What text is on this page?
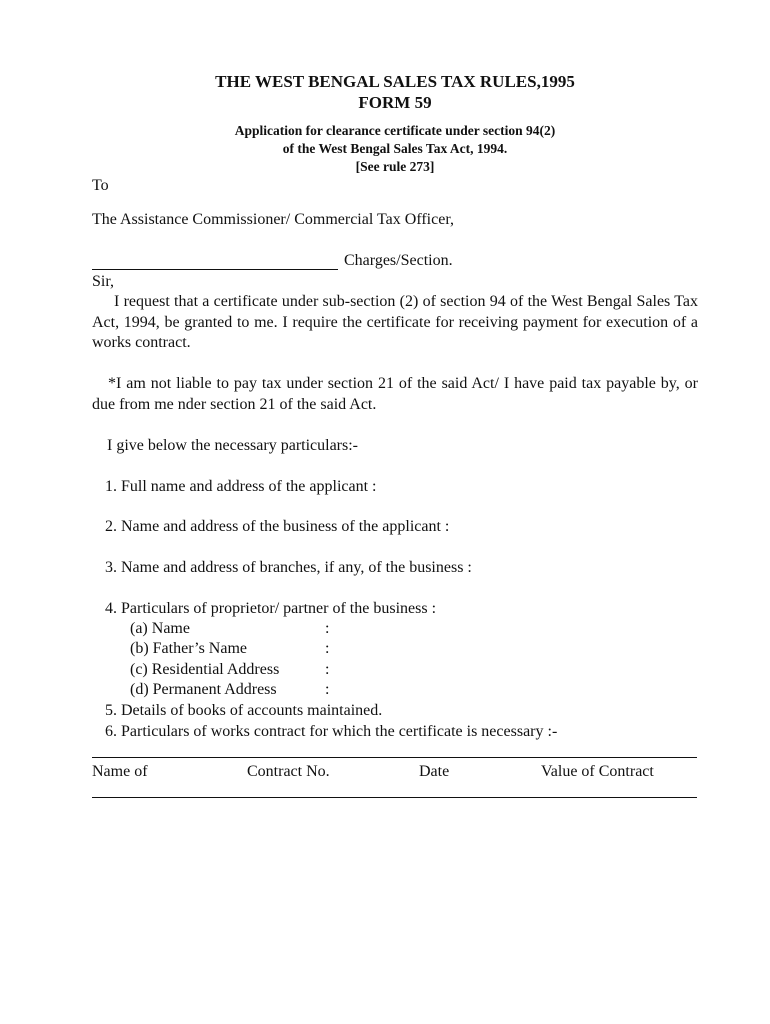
THE WEST BENGAL SALES TAX RULES,1995
FORM 59
Application for clearance certificate under section 94(2)
of the West Bengal Sales Tax Act, 1994.
[See rule 273]
To
The Assistance Commissioner/ Commercial Tax Officer,
Charges/Section.
Sir,
I request that a certificate under sub-section (2) of section 94 of the West Bengal Sales Tax Act, 1994, be granted to me. I require the certificate for receiving payment for execution of a works contract.
*I am not liable to pay tax under section 21 of the said Act/ I have paid tax payable by, or due from me nder section 21 of the said Act.
I give below the necessary particulars:-
1. Full name and address of the applicant :
2. Name and address of the business of the applicant :
3. Name and address of branches, if any, of the business :
4. Particulars of proprietor/ partner of the business :
(a) Name	:
(b) Father’s Name	:
(c) Residential Address	:
(d) Permanent Address	:
5. Details of books of accounts maintained.
6. Particulars of works contract for which the certificate is necessary :-
Name of	Contract No.	Date	Value of Contract
